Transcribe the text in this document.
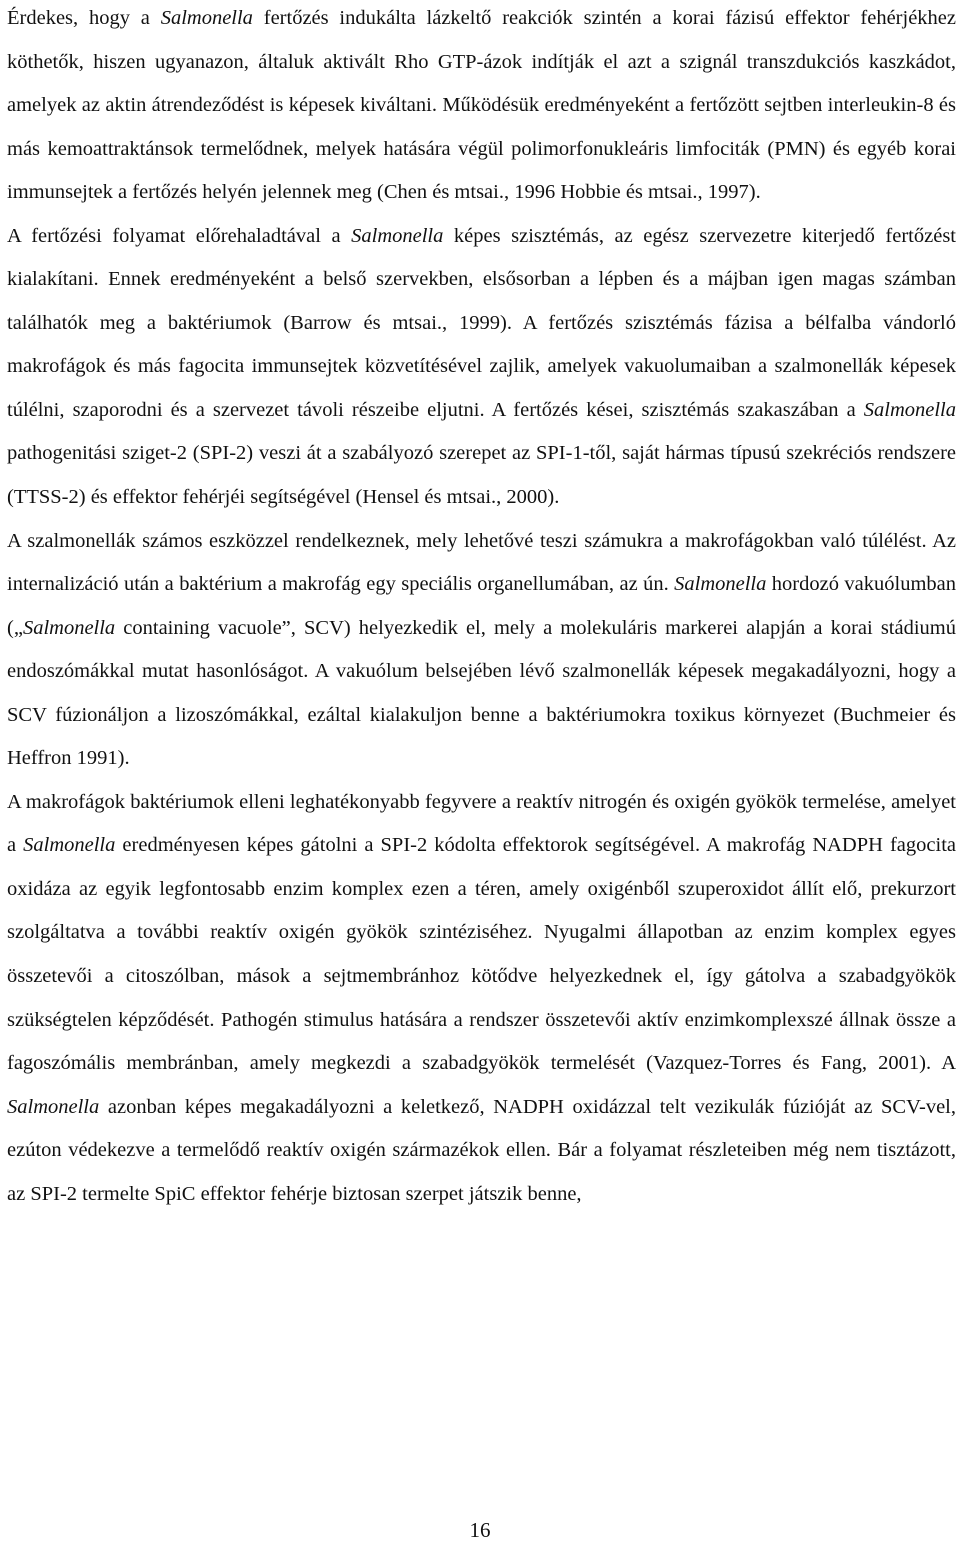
Érdekes, hogy a Salmonella fertőzés indukálta lázkeltő reakciók szintén a korai fázisú effektor fehérjékhez köthetők, hiszen ugyanazon, általuk aktivált Rho GTP-ázok indítják el azt a szignál transzdukciós kaszkádot, amelyek az aktin átrendeződést is képesek kiváltani. Működésük eredményeként a fertőzött sejtben interleukin-8 és más kemoattraktánsok termelődnek, melyek hatására végül polimorfonukleáris limfociták (PMN) és egyéb korai immunsejtek a fertőzés helyén jelennek meg (Chen és mtsai., 1996 Hobbie és mtsai., 1997).

A fertőzési folyamat előrehaladtával a Salmonella képes szisztémás, az egész szervezetre kiterjedő fertőzést kialakítani. Ennek eredményeként a belső szervekben, elsősorban a lépben és a májban igen magas számban találhatók meg a baktériumok (Barrow és mtsai., 1999). A fertőzés szisztémás fázisa a bélfalba vándorló makrofágok és más fagocita immunsejtek közvetítésével zajlik, amelyek vakuolumaiban a szalmonellák képesek túlélni, szaporodni és a szervezet távoli részeibe eljutni. A fertőzés kései, szisztémás szakaszában a Salmonella pathogenitási sziget-2 (SPI-2) veszi át a szabályozó szerepet az SPI-1-től, saját hármas típusú szekréciós rendszere (TTSS-2) és effektor fehérjéi segítségével (Hensel és mtsai., 2000).

A szalmonellák számos eszközzel rendelkeznek, mely lehetővé teszi számukra a makrofágokban való túlélést. Az internalizáció után a baktérium a makrofág egy speciális organellumában, az ún. Salmonella hordozó vakuólumban („Salmonella containing vacuole”, SCV) helyezkedik el, mely a molekuláris markerei alapján a korai stádiumú endoszómákkal mutat hasonlóságot. A vakuólum belsejében lévő szalmonellák képesek megakadályozni, hogy a SCV fúzionáljon a lizoszómákkal, ezáltal kialakuljon benne a baktériumokra toxikus környezet (Buchmeier és Heffron 1991).

A makrofágok baktériumok elleni leghatékonyabb fegyvere a reaktív nitrogén és oxigén gyökök termelése, amelyet a Salmonella eredményesen képes gátolni a SPI-2 kódolta effektorok segítségével. A makrofág NADPH fagocita oxidáza az egyik legfontosabb enzim komplex ezen a téren, amely oxigénből szuperoxidot állít elő, prekurzort szolgáltatva a további reaktív oxigén gyökök szintéziséhez. Nyugalmi állapotban az enzim komplex egyes összetevői a citoszólban, mások a sejtmembránhoz kötődve helyezkednek el, így gátolva a szabadgyökök szükségtelen képződését. Pathogén stimulus hatására a rendszer összetevői aktív enzimkomplexszé állnak össze a fagoszómális membránban, amely megkezdi a szabadgyökök termelését (Vazquez-Torres és Fang, 2001). A Salmonella azonban képes megakadályozni a keletkező, NADPH oxidázzal telt vezikulák fúzióját az SCV-vel, ezúton védekezve a termelődő reaktív oxigén származékok ellen. Bár a folyamat részleteiben még nem tisztázott, az SPI-2 termelte SpiC effektor fehérje biztosan szerpet játszik benne,

16
